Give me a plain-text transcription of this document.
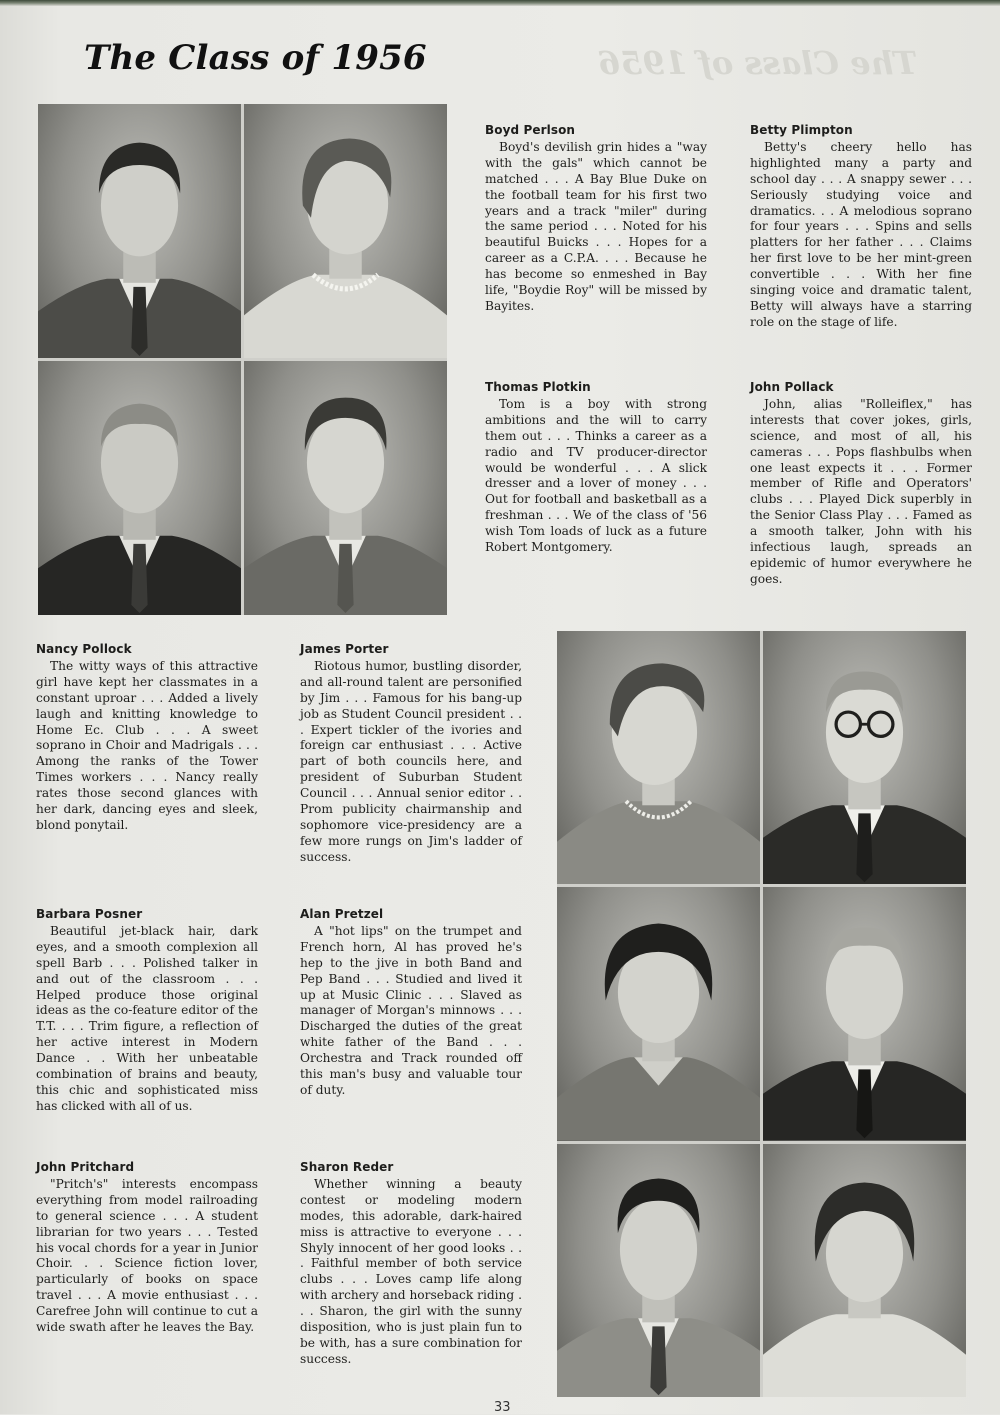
The Class of 1956	The Class of 1956

Boyd Perlson

Boyd's devilish grin hides a "way with the gals" which cannot be matched . . . A Bay Blue Duke on the football team for his first two years and a track "miler" during the same period . . . Noted for his beautiful Buicks . . . Hopes for a career as a C.P.A. . . . Because he has become so enmeshed in Bay life, "Boydie Roy" will be missed by Bayites.

Betty Plimpton

Betty's cheery hello has highlighted many a party and school day . . . A snappy sewer . . . Seriously studying voice and dramatics. . . A melodious soprano for four years . . . Spins and sells platters for her father . . . Claims her first love to be her mint-green convertible . . . With her fine singing voice and dramatic talent, Betty will always have a starring role on the stage of life.

Thomas Plotkin

Tom is a boy with strong ambitions and the will to carry them out . . . Thinks a career as a radio and TV producer-director would be wonderful . . . A slick dresser and a lover of money . . . Out for football and basketball as a freshman . . . We of the class of '56 wish Tom loads of luck as a future Robert Montgomery.

John Pollack

John, alias "Rolleiflex," has interests that cover jokes, girls, science, and most of all, his cameras . . . Pops flashbulbs when one least expects it . . . Former member of Rifle and Operators' clubs . . . Played Dick superbly in the Senior Class Play . . . Famed as a smooth talker, John with his infectious laugh, spreads an epidemic of humor everywhere he goes.

Nancy Pollock

The witty ways of this attractive girl have kept her classmates in a constant uproar . . . Added a lively laugh and knitting knowledge to Home Ec. Club . . . A sweet soprano in Choir and Madrigals . . . Among the ranks of the Tower Times workers . . . Nancy really rates those second glances with her dark, dancing eyes and sleek, blond ponytail.

James Porter

Riotous humor, bustling disorder, and all-round talent are personified by Jim . . . Famous for his bang-up job as Student Council president . . . Expert tickler of the ivories and foreign car enthusiast . . . Active part of both councils here, and president of Suburban Student Council . . . Annual senior editor . . Prom publicity chairmanship and sophomore vice-presidency are a few more rungs on Jim's ladder of success.

Barbara Posner

Beautiful jet-black hair, dark eyes, and a smooth complexion all spell Barb . . . Polished talker in and out of the classroom . . . Helped produce those original ideas as the co-feature editor of the T.T. . . . Trim figure, a reflection of her active interest in Modern Dance . . With her unbeatable combination of brains and beauty, this chic and sophisticated miss has clicked with all of us.

Alan Pretzel

A "hot lips" on the trumpet and French horn, Al has proved he's hep to the jive in both Band and Pep Band . . . Studied and lived it up at Music Clinic . . . Slaved as manager of Morgan's minnows . . . Discharged the duties of the great white father of the Band . . . Orchestra and Track rounded off this man's busy and valuable tour of duty.

John Pritchard

"Pritch's" interests encompass everything from model railroading to general science . . . A student librarian for two years . . . Tested his vocal chords for a year in Junior Choir. . . Science fiction lover, particularly of books on space travel . . . A movie enthusiast . . . Carefree John will continue to cut a wide swath after he leaves the Bay.

Sharon Reder

Whether winning a beauty contest or modeling modern modes, this adorable, dark-haired miss is attractive to everyone . . . Shyly innocent of her good looks . . . Faithful member of both service clubs . . . Loves camp life along with archery and horseback riding . . . Sharon, the girl with the sunny disposition, who is just plain fun to be with, has a sure combination for success.

33
